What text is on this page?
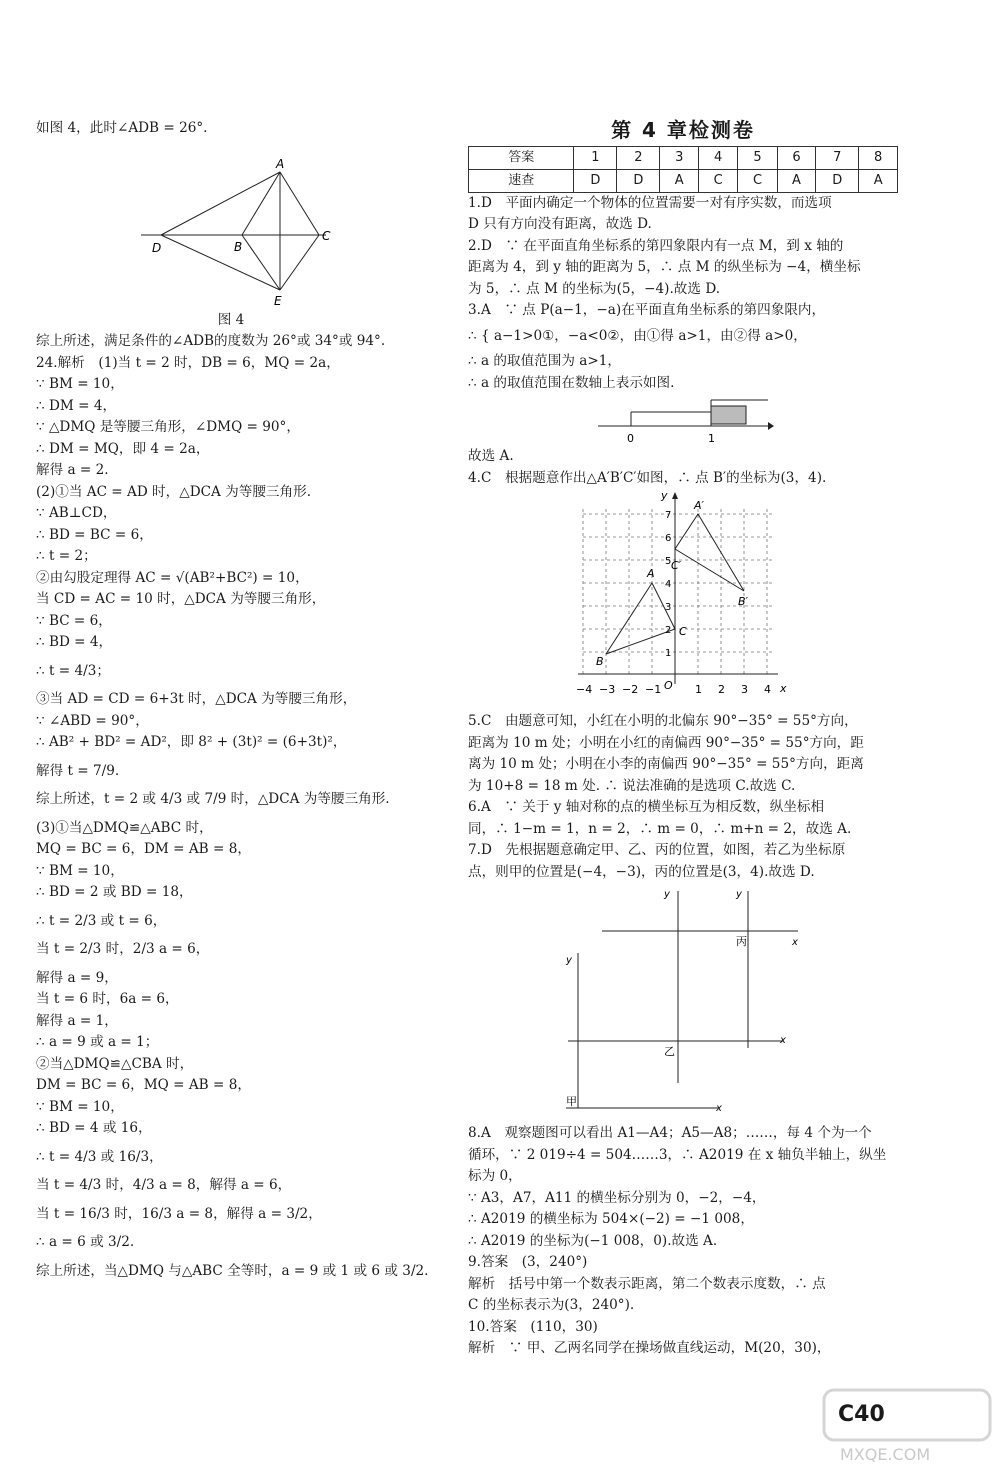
如图 4，此时∠ADB = 26°.
A
B
C
D
E
图 4
综上所述，满足条件的∠ADB的度数为 26°或 34°或 94°.
24.解析　(1)当 t = 2 时，DB = 6，MQ = 2a，
∵ BM = 10，
∴ DM = 4，
∵ △DMQ 是等腰三角形，∠DMQ = 90°，
∴ DM = MQ，即 4 = 2a，
解得 a = 2.
(2)①当 AC = AD 时，△DCA 为等腰三角形.
∵ AB⊥CD，
∴ BD = BC = 6，
∴ t = 2；
②由勾股定理得 AC = √(AB²+BC²) = 10，
当 CD = AC = 10 时，△DCA 为等腰三角形，
∵ BC = 6，
∴ BD = 4，
∴ t = 4/3；
③当 AD = CD = 6+3t 时，△DCA 为等腰三角形，
∵ ∠ABD = 90°，
∴ AB² + BD² = AD²，即 8² + (3t)² = (6+3t)²，
解得 t = 7/9.
综上所述，t = 2 或 4/3 或 7/9 时，△DCA 为等腰三角形.
(3)①当△DMQ≌△ABC 时，
MQ = BC = 6，DM = AB = 8，
∵ BM = 10，
∴ BD = 2 或 BD = 18，
∴ t = 2/3 或 t = 6，
当 t = 2/3 时，2/3 a = 6，
解得 a = 9，
当 t = 6 时，6a = 6，
解得 a = 1，
∴ a = 9 或 a = 1；
②当△DMQ≌△CBA 时，
DM = BC = 6，MQ = AB = 8，
∵ BM = 10，
∴ BD = 4 或 16，
∴ t = 4/3 或 16/3，
当 t = 4/3 时，4/3 a = 8，解得 a = 6，
当 t = 16/3 时，16/3 a = 8，解得 a = 3/2，
∴ a = 6 或 3/2.
综上所述，当△DMQ 与△ABC 全等时，a = 9 或 1 或 6 或 3/2.
第 4 章检测卷
答案	1	2	3	4	5	6	7	8
速查	D	D	A	C	C	A	D	A
1.D　平面内确定一个物体的位置需要一对有序实数，而选项
D 只有方向没有距离，故选 D.
2.D　∵ 在平面直角坐标系的第四象限内有一点 M，到 x 轴的
距离为 4，到 y 轴的距离为 5，∴ 点 M 的纵坐标为 −4，横坐标
为 5，∴ 点 M 的坐标为(5，−4).故选 D.
3.A　∵ 点 P(a−1，−a)在平面直角坐标系的第四象限内，
∴ { a−1>0①，−a<0②，由①得 a>1，由②得 a>0，
∴ a 的取值范围为 a>1，
∴ a 的取值范围在数轴上表示如图.
0	1
故选 A.
4.C　根据题意作出△A′B′C′如图，∴ 点 B′的坐标为(3，4).
y
x
O
−4 −3 −2 −1	1 2 3 4
1
2
3
4
5
6
7
A
B
C
A′
B′
C′
5.C　由题意可知，小红在小明的北偏东 90°−35° = 55°方向，
距离为 10 m 处；小明在小红的南偏西 90°−35° = 55°方向，距
离为 10 m 处；小明在小李的南偏西 90°−35° = 55°方向，距离
为 10+8 = 18 m 处. ∴ 说法准确的是选项 C.故选 C.
6.A　∵ 关于 y 轴对称的点的横坐标互为相反数，纵坐标相
同，∴ 1−m = 1，n = 2，∴ m = 0，∴ m+n = 2，故选 A.
7.D　先根据题意确定甲、乙、丙的位置，如图，若乙为坐标原
点，则甲的位置是(−4，−3)，丙的位置是(3，4).故选 D.
丙
乙
甲
x
x
x
y	y
y
8.A　观察题图可以看出 A1—A4；A5—A8；……，每 4 个为一个
循环，∵ 2 019÷4 = 504……3，∴ A2019 在 x 轴负半轴上，纵坐
标为 0，
∵ A3，A7，A11 的横坐标分别为 0，−2，−4，
∴ A2019 的横坐标为 504×(−2) = −1 008，
∴ A2019 的坐标为(−1 008，0).故选 A.
9.答案　(3，240°)
解析　括号中第一个数表示距离，第二个数表示度数，∴ 点
C 的坐标表示为(3，240°).
10.答案　(110，30)
解析　∵ 甲、乙两名同学在操场做直线运动，M(20，30)，
MXQE.COM
C40
